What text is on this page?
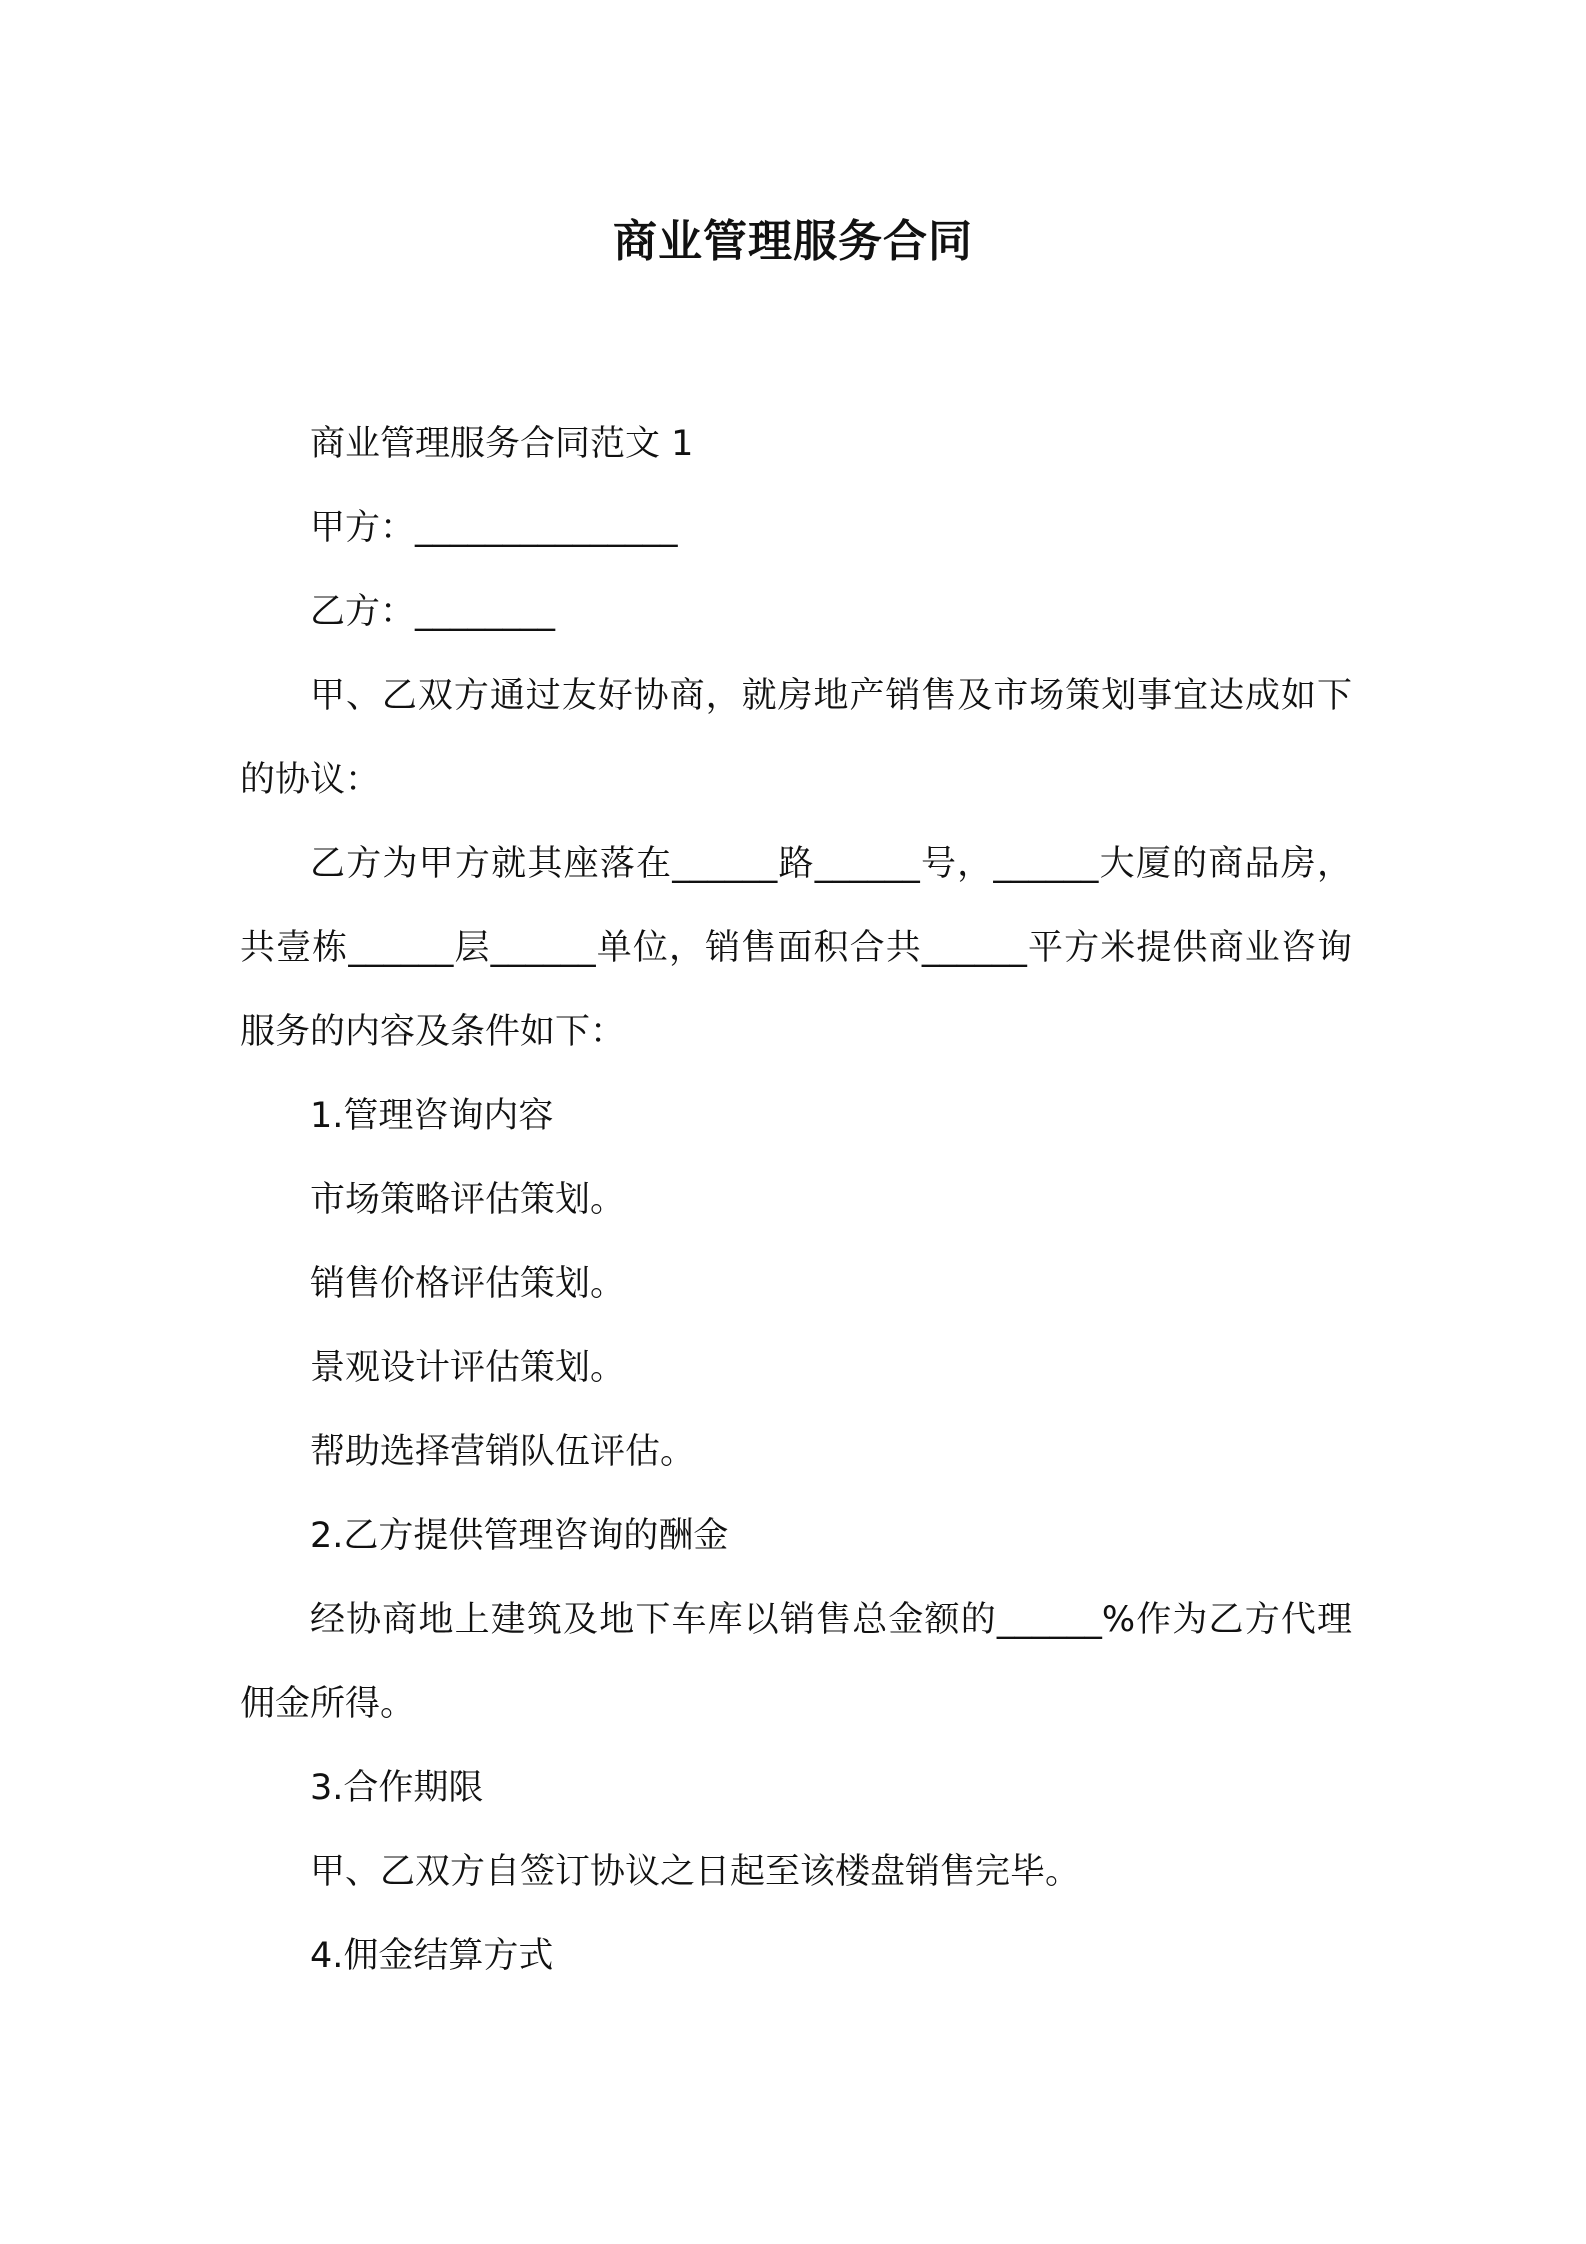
商业管理服务合同

商业管理服务合同范文 1

甲方：_______________

乙方：________

甲、乙双方通过友好协商，就房地产销售及市场策划事宜达成如下的协议：

乙方为甲方就其座落在______路______号，______大厦的商品房，共壹栋______层______单位，销售面积合共______平方米提供商业咨询服务的内容及条件如下：

1.管理咨询内容

市场策略评估策划。

销售价格评估策划。

景观设计评估策划。

帮助选择营销队伍评估。

2.乙方提供管理咨询的酬金

经协商地上建筑及地下车库以销售总金额的______%作为乙方代理佣金所得。

3.合作期限

甲、乙双方自签订协议之日起至该楼盘销售完毕。

4.佣金结算方式
